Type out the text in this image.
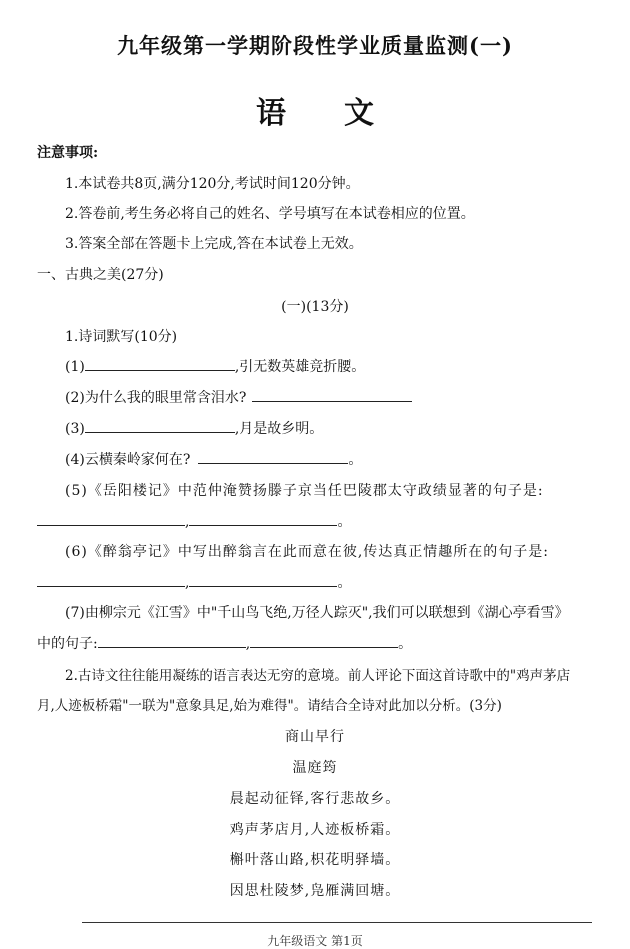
九年级第一学期阶段性学业质量监测(一)
语文
注意事项:
1.本试卷共8页,满分120分,考试时间120分钟。
2.答卷前,考生务必将自己的姓名、学号填写在本试卷相应的位置。
3.答案全部在答题卡上完成,答在本试卷上无效。
一、古典之美(27分)
(一)(13分)
1.诗词默写(10分)
(1)	,引无数英雄竞折腰。
(2)为什么我的眼里常含泪水?
(3)	,月是故乡明。
(4)云横秦岭家何在?	。
(5)《岳阳楼记》中范仲淹赞扬滕子京当任巴陵郡太守政绩显著的句子是:
,	。
(6)《醉翁亭记》中写出醉翁言在此而意在彼,传达真正情趣所在的句子是:
,	。
(7)由柳宗元《江雪》中"千山鸟飞绝,万径人踪灭",我们可以联想到《湖心亭看雪》
中的句子:	,	。
2.古诗文往往能用凝练的语言表达无穷的意境。前人评论下面这首诗歌中的"鸡声茅店
月,人迹板桥霜"一联为"意象具足,始为难得"。请结合全诗对此加以分析。(3分)
商山早行
温庭筠
晨起动征铎,客行悲故乡。
鸡声茅店月,人迹板桥霜。
槲叶落山路,枳花明驿墙。
因思杜陵梦,凫雁满回塘。
九年级语文 第1页
